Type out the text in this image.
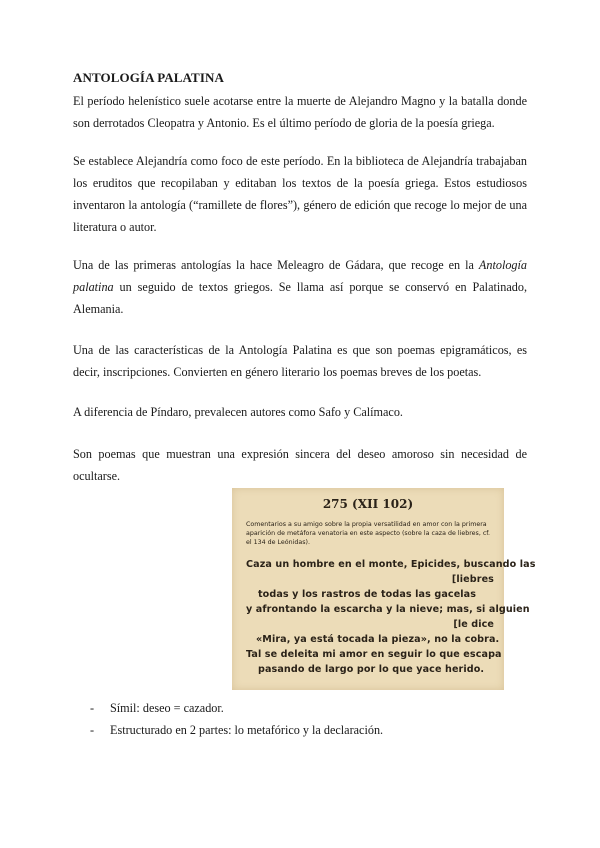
ANTOLOGÍA PALATINA

El período helenístico suele acotarse entre la muerte de Alejandro Magno y la batalla donde son derrotados Cleopatra y Antonio. Es el último período de gloria de la poesía griega.

Se establece Alejandría como foco de este período. En la biblioteca de Alejandría trabajaban los eruditos que recopilaban y editaban los textos de la poesía griega. Estos estudiosos inventaron la antología (“ramillete de flores”), género de edición que recoge lo mejor de una literatura o autor.

Una de las primeras antologías la hace Meleagro de Gádara, que recoge en la Antología palatina un seguido de textos griegos. Se llama así porque se conservó en Palatinado, Alemania.

Una de las características de la Antología Palatina es que son poemas epigramáticos, es decir, inscripciones. Convierten en género literario los poemas breves de los poetas.

A diferencia de Píndaro, prevalecen autores como Safo y Calímaco.

Son poemas que muestran una expresión sincera del deseo amoroso sin necesidad de ocultarse.

275 (XII 102)

Comentarios a su amigo sobre la propia versatilidad en amor con la primera aparición de metáfora venatoria en este aspecto (sobre la caza de liebres, cf. el 134 de Leónidas).

Caza un hombre en el monte, Epicides, buscando las
[liebres
todas y los rastros de todas las gacelas
y afrontando la escarcha y la nieve; mas, si alguien
[le dice
«Mira, ya está tocada la pieza», no la cobra.
Tal se deleita mi amor en seguir lo que escapa
pasando de largo por lo que yace herido.
- Símil: deseo = cazador.
- Estructurado en 2 partes: lo metafórico y la declaración.
